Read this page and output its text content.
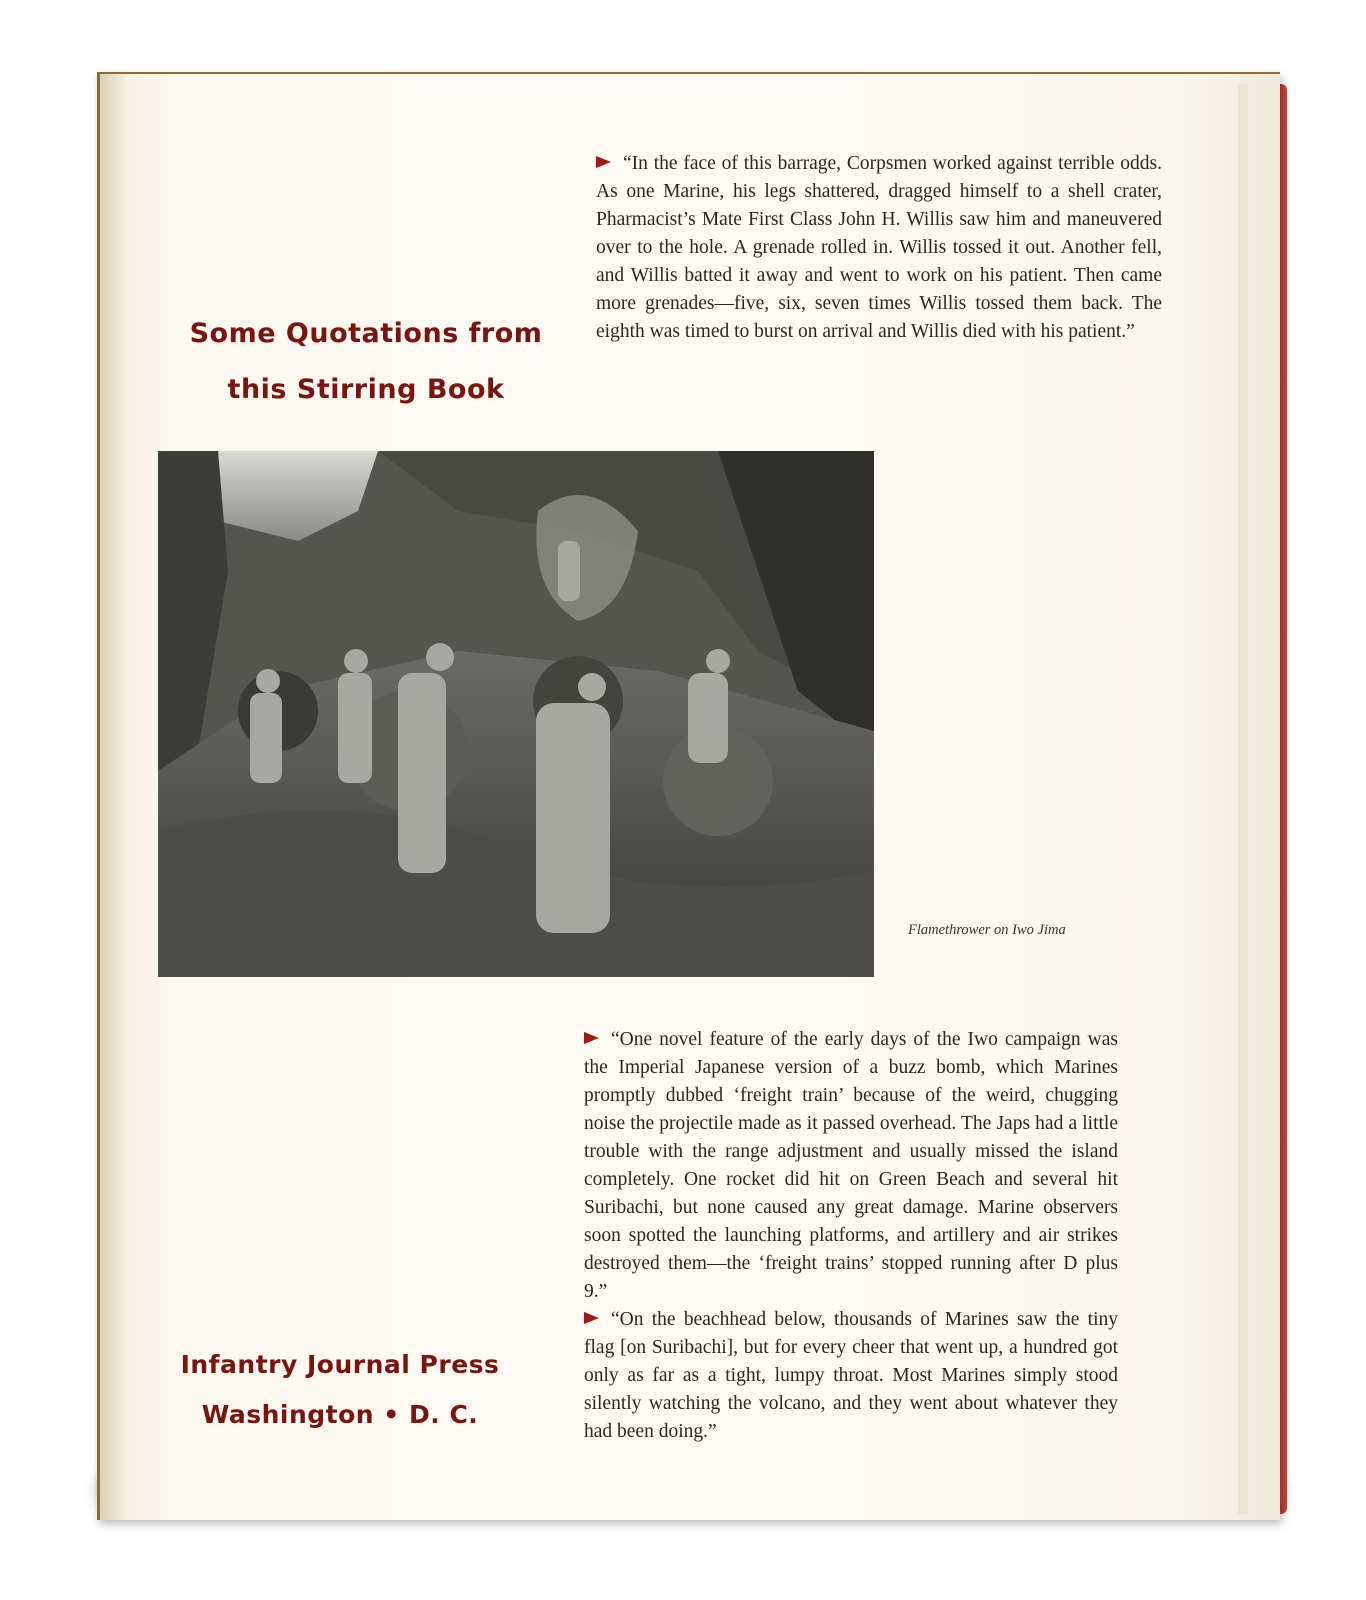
Some Quotations from
this Stirring Book

“In the face of this barrage, Corpsmen worked against terrible odds. As one Marine, his legs shattered, dragged himself to a shell crater, Pharmacist’s Mate First Class John H. Willis saw him and maneuvered over to the hole. A grenade rolled in. Willis tossed it out. Another fell, and Willis batted it away and went to work on his patient. Then came more grenades—five, six, seven times Willis tossed them back. The eighth was timed to burst on arrival and Willis died with his patient.”

Flamethrower on Iwo Jima

“One novel feature of the early days of the Iwo campaign was the Imperial Japanese version of a buzz bomb, which Marines promptly dubbed ‘freight train’ because of the weird, chugging noise the projectile made as it passed overhead. The Japs had a little trouble with the range adjustment and usually missed the island completely. One rocket did hit on Green Beach and several hit Suribachi, but none caused any great damage. Marine observers soon spotted the launching platforms, and artillery and air strikes destroyed them—the ‘freight trains’ stopped running after D plus 9.”

“On the beachhead below, thousands of Marines saw the tiny flag [on Suribachi], but for every cheer that went up, a hundred got only as far as a tight, lumpy throat. Most Marines simply stood silently watching the volcano, and they went about whatever they had been doing.”

Infantry Journal Press

Washington • D. C.
